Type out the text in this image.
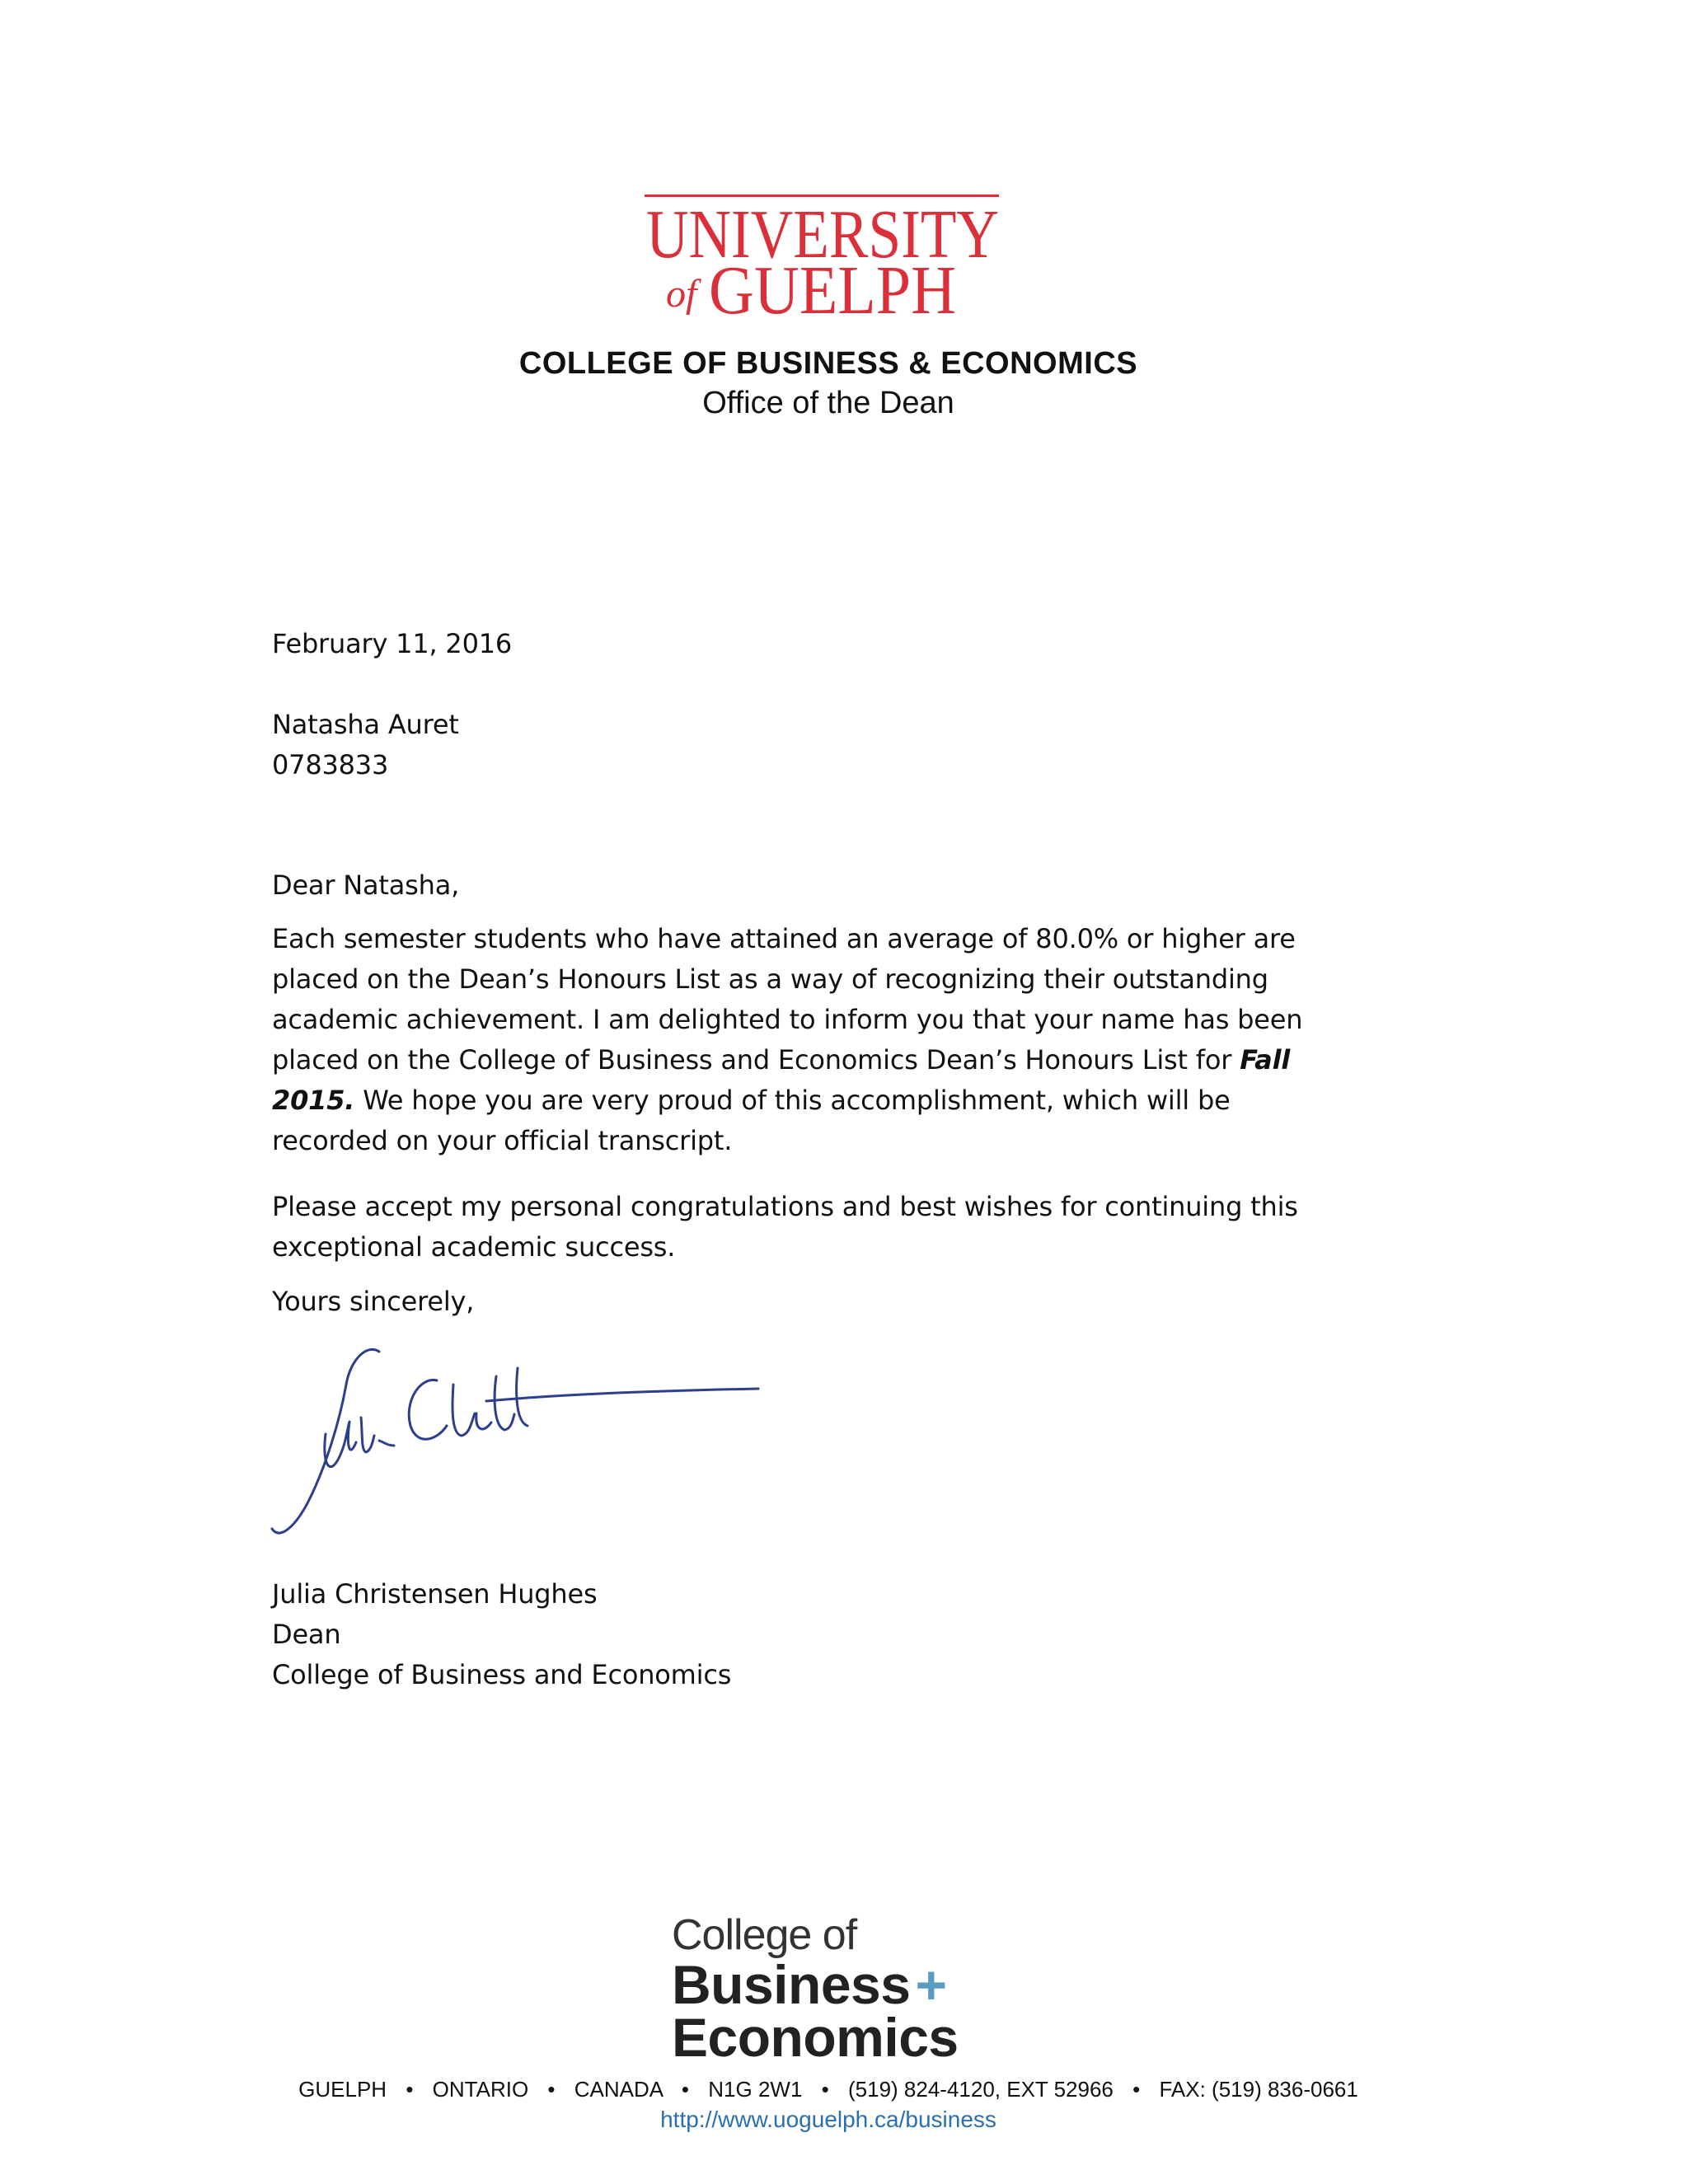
UNIVERSITY
of GUELPH
COLLEGE OF BUSINESS & ECONOMICS
Office of the Dean
February 11, 2016
Natasha Auret
0783833
Dear Natasha,
Each semester students who have attained an average of 80.0% or higher are
placed on the Dean’s Honours List as a way of recognizing their outstanding
academic achievement. I am delighted to inform you that your name has been
placed on the College of Business and Economics Dean’s Honours List for Fall
2015. We hope you are very proud of this accomplishment, which will be
recorded on your official transcript.
Please accept my personal congratulations and best wishes for continuing this
exceptional academic success.
Yours sincerely,
Julia Christensen Hughes
Dean
College of Business and Economics
College of
Business+
Economics
GUELPH • ONTARIO • CANADA • N1G 2W1 • (519) 824-4120, EXT 52966 • FAX: (519) 836-0661
http://www.uoguelph.ca/business
